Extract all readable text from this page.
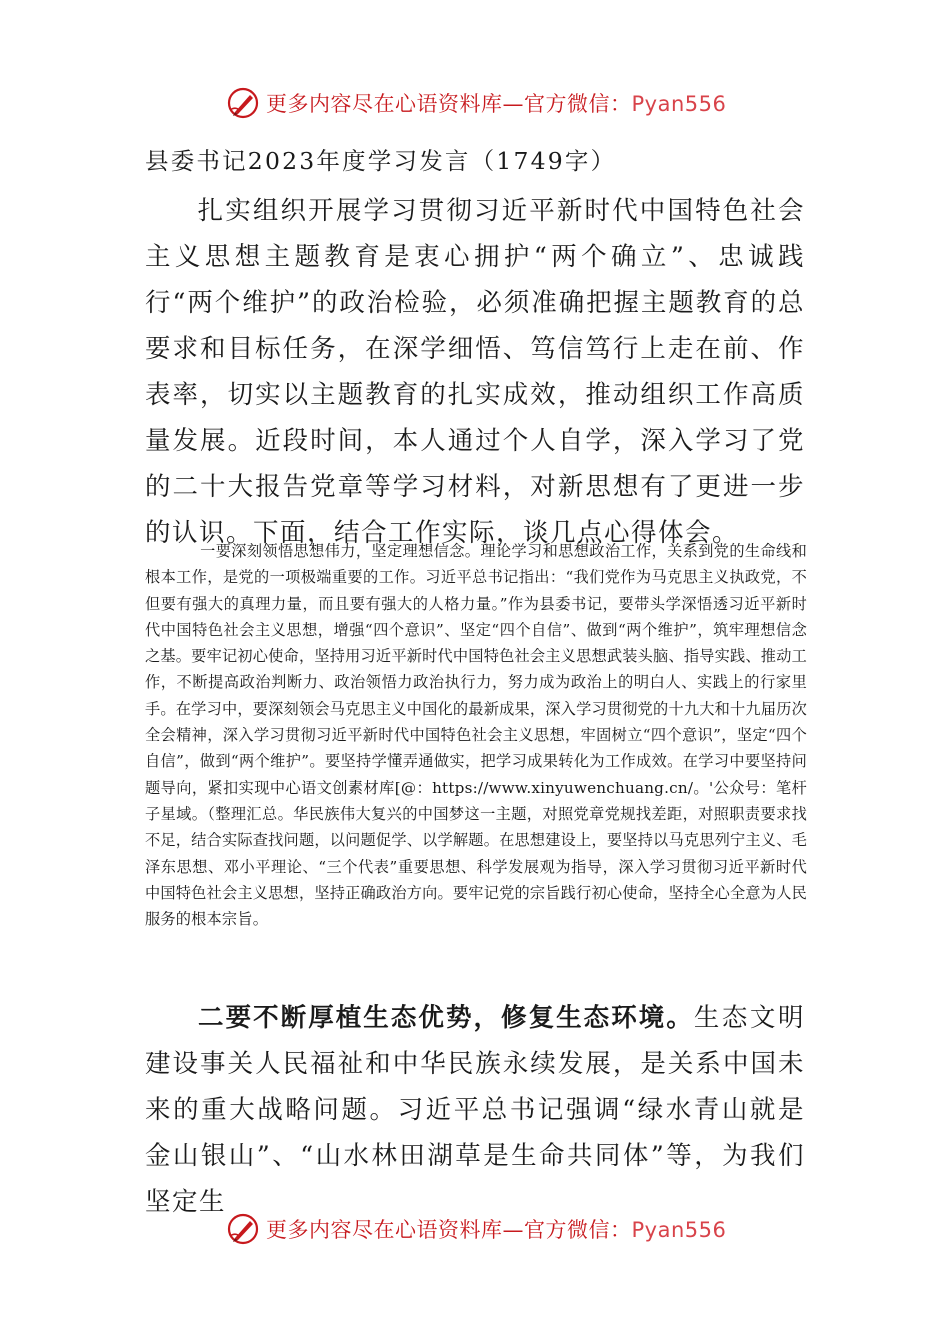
更多内容尽在心语资料库—官方微信：Pyan556
县委书记2023年度学习发言（1749字）

扎实组织开展学习贯彻习近平新时代中国特色社会主义思想主题教育是衷心拥护“两个确立”、忠诚践行“两个维护”的政治检验，必须准确把握主题教育的总要求和目标任务，在深学细悟、笃信笃行上走在前、作表率，切实以主题教育的扎实成效，推动组织工作高质量发展。近段时间，本人通过个人自学，深入学习了党的二十大报告党章等学习材料，对新思想有了更进一步的认识。下面，结合工作实际，谈几点心得体会。

一要深刻领悟思想伟力，坚定理想信念。理论学习和思想政治工作，关系到党的生命线和根本工作，是党的一项极端重要的工作。习近平总书记指出：“我们党作为马克思主义执政党，不但要有强大的真理力量，而且要有强大的人格力量。”作为县委书记，要带头学深悟透习近平新时代中国特色社会主义思想，增强“四个意识”、坚定“四个自信”、做到“两个维护”，筑牢理想信念之基。要牢记初心使命，坚持用习近平新时代中国特色社会主义思想武装头脑、指导实践、推动工作，不断提高政治判断力、政治领悟力政治执行力，努力成为政治上的明白人、实践上的行家里手。在学习中，要深刻领会马克思主义中国化的最新成果，深入学习贯彻党的十九大和十九届历次全会精神，深入学习贯彻习近平新时代中国特色社会主义思想，牢固树立“四个意识”，坚定“四个自信”，做到“两个维护”。要坚持学懂弄通做实，把学习成果转化为工作成效。在学习中要坚持问题导向，紧扣实现中心语文创素材库[@：https://www.xinyuwenchuang.cn/。'公众号：笔杆子星域。（整理汇总。华民族伟大复兴的中国梦这一主题，对照党章党规找差距，对照职责要求找不足，结合实际查找问题，以问题促学、以学解题。在思想建设上，要坚持以马克思列宁主义、毛泽东思想、邓小平理论、“三个代表”重要思想、科学发展观为指导，深入学习贯彻习近平新时代中国特色社会主义思想，坚持正确政治方向。要牢记党的宗旨践行初心使命，坚持全心全意为人民服务的根本宗旨。

二要不断厚植生态优势，修复生态环境。生态文明建设事关人民福祉和中华民族永续发展，是关系中国未来的重大战略问题。习近平总书记强调“绿水青山就是金山银山”、“山水林田湖草是生命共同体”等，为我们坚定生

更多内容尽在心语资料库—官方微信：Pyan556
